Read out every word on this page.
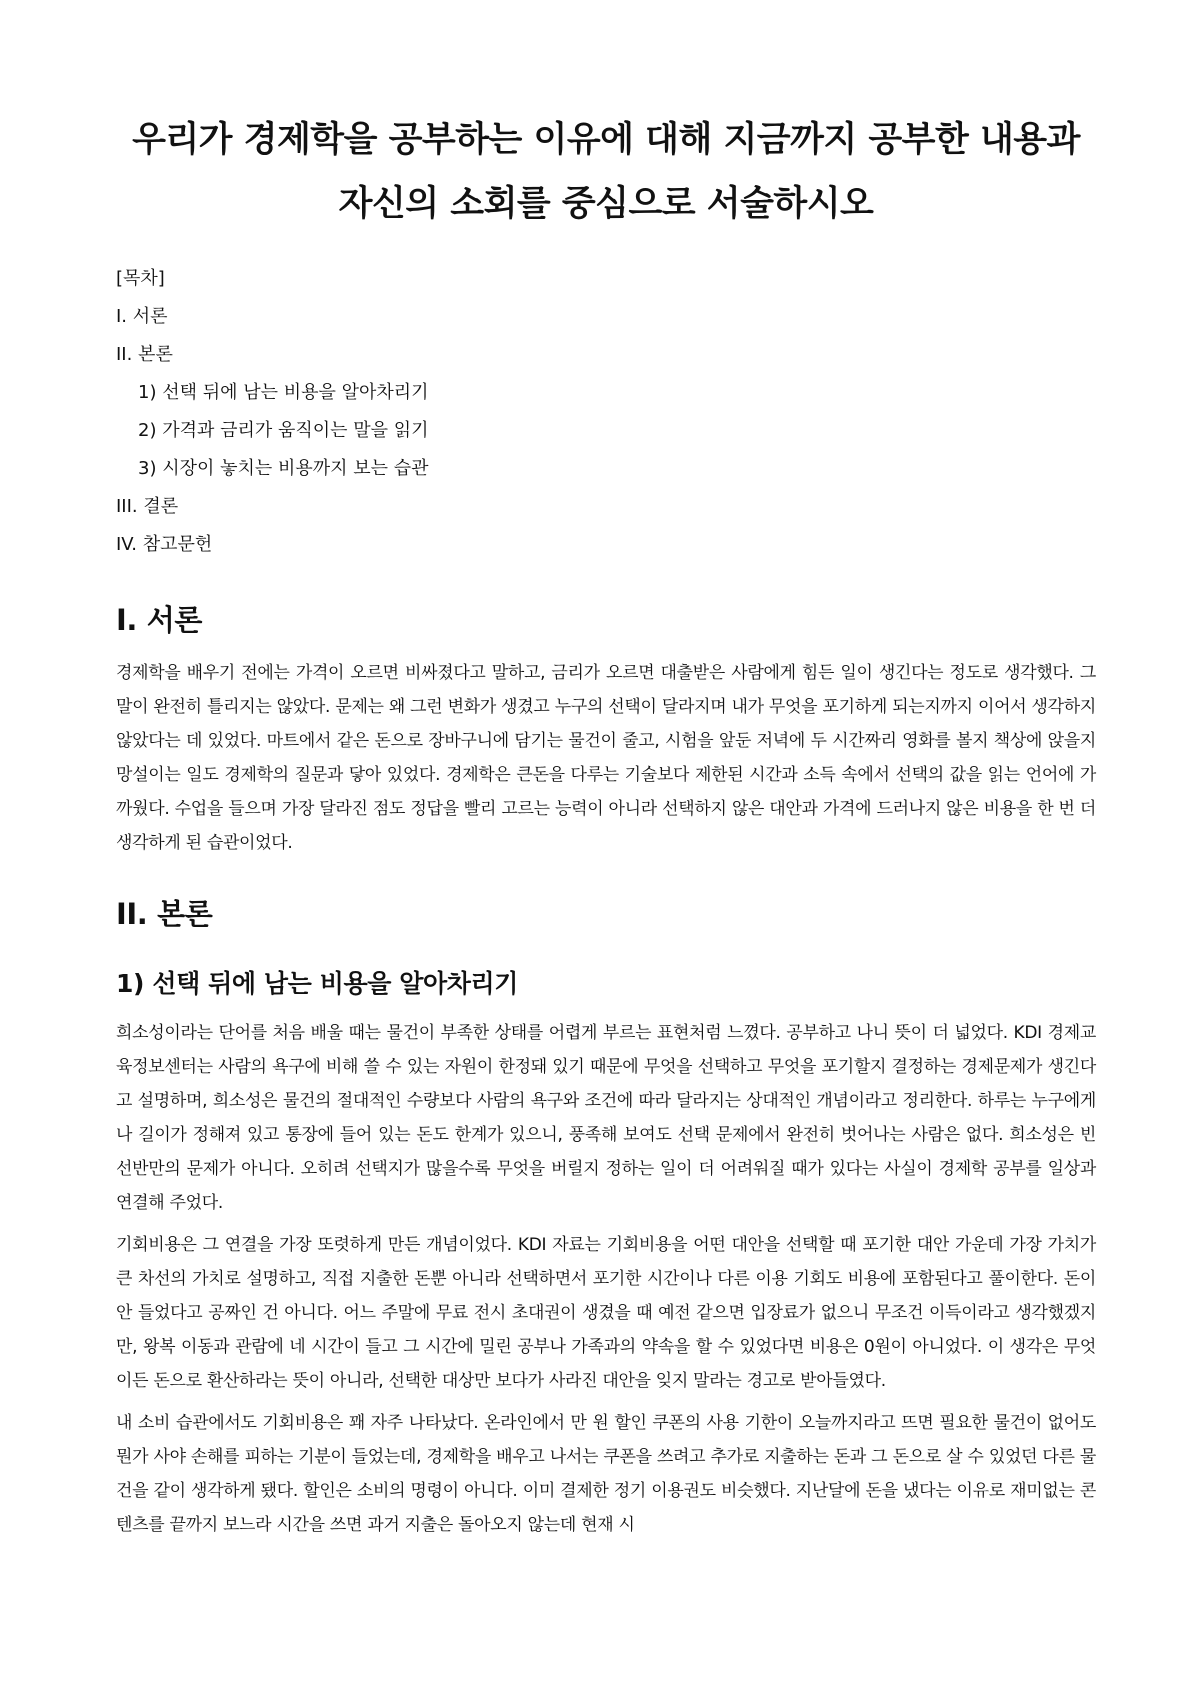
우리가 경제학을 공부하는 이유에 대해 지금까지 공부한 내용과
자신의 소회를 중심으로 서술하시오
[목차]
I. 서론
II. 본론
1) 선택 뒤에 남는 비용을 알아차리기
2) 가격과 금리가 움직이는 말을 읽기
3) 시장이 놓치는 비용까지 보는 습관
III. 결론
IV. 참고문헌
I. 서론

경제학을 배우기 전에는 가격이 오르면 비싸졌다고 말하고, 금리가 오르면 대출받은 사람에게 힘든 일이 생긴다는 정도로 생각했다. 그 말이 완전히 틀리지는 않았다. 문제는 왜 그런 변화가 생겼고 누구의 선택이 달라지며 내가 무엇을 포기하게 되는지까지 이어서 생각하지 않았다는 데 있었다. 마트에서 같은 돈으로 장바구니에 담기는 물건이 줄고, 시험을 앞둔 저녁에 두 시간짜리 영화를 볼지 책상에 앉을지 망설이는 일도 경제학의 질문과 닿아 있었다. 경제학은 큰돈을 다루는 기술보다 제한된 시간과 소득 속에서 선택의 값을 읽는 언어에 가까웠다. 수업을 들으며 가장 달라진 점도 정답을 빨리 고르는 능력이 아니라 선택하지 않은 대안과 가격에 드러나지 않은 비용을 한 번 더 생각하게 된 습관이었다.

II. 본론
1) 선택 뒤에 남는 비용을 알아차리기

희소성이라는 단어를 처음 배울 때는 물건이 부족한 상태를 어렵게 부르는 표현처럼 느꼈다. 공부하고 나니 뜻이 더 넓었다. KDI 경제교육정보센터는 사람의 욕구에 비해 쓸 수 있는 자원이 한정돼 있기 때문에 무엇을 선택하고 무엇을 포기할지 결정하는 경제문제가 생긴다고 설명하며, 희소성은 물건의 절대적인 수량보다 사람의 욕구와 조건에 따라 달라지는 상대적인 개념이라고 정리한다. 하루는 누구에게나 길이가 정해져 있고 통장에 들어 있는 돈도 한계가 있으니, 풍족해 보여도 선택 문제에서 완전히 벗어나는 사람은 없다. 희소성은 빈 선반만의 문제가 아니다. 오히려 선택지가 많을수록 무엇을 버릴지 정하는 일이 더 어려워질 때가 있다는 사실이 경제학 공부를 일상과 연결해 주었다.

기회비용은 그 연결을 가장 또렷하게 만든 개념이었다. KDI 자료는 기회비용을 어떤 대안을 선택할 때 포기한 대안 가운데 가장 가치가 큰 차선의 가치로 설명하고, 직접 지출한 돈뿐 아니라 선택하면서 포기한 시간이나 다른 이용 기회도 비용에 포함된다고 풀이한다. 돈이 안 들었다고 공짜인 건 아니다. 어느 주말에 무료 전시 초대권이 생겼을 때 예전 같으면 입장료가 없으니 무조건 이득이라고 생각했겠지만, 왕복 이동과 관람에 네 시간이 들고 그 시간에 밀린 공부나 가족과의 약속을 할 수 있었다면 비용은 0원이 아니었다. 이 생각은 무엇이든 돈으로 환산하라는 뜻이 아니라, 선택한 대상만 보다가 사라진 대안을 잊지 말라는 경고로 받아들였다.

내 소비 습관에서도 기회비용은 꽤 자주 나타났다. 온라인에서 만 원 할인 쿠폰의 사용 기한이 오늘까지라고 뜨면 필요한 물건이 없어도 뭔가 사야 손해를 피하는 기분이 들었는데, 경제학을 배우고 나서는 쿠폰을 쓰려고 추가로 지출하는 돈과 그 돈으로 살 수 있었던 다른 물건을 같이 생각하게 됐다. 할인은 소비의 명령이 아니다. 이미 결제한 정기 이용권도 비슷했다. 지난달에 돈을 냈다는 이유로 재미없는 콘텐츠를 끝까지 보느라 시간을 쓰면 과거 지출은 돌아오지 않는데 현재 시
